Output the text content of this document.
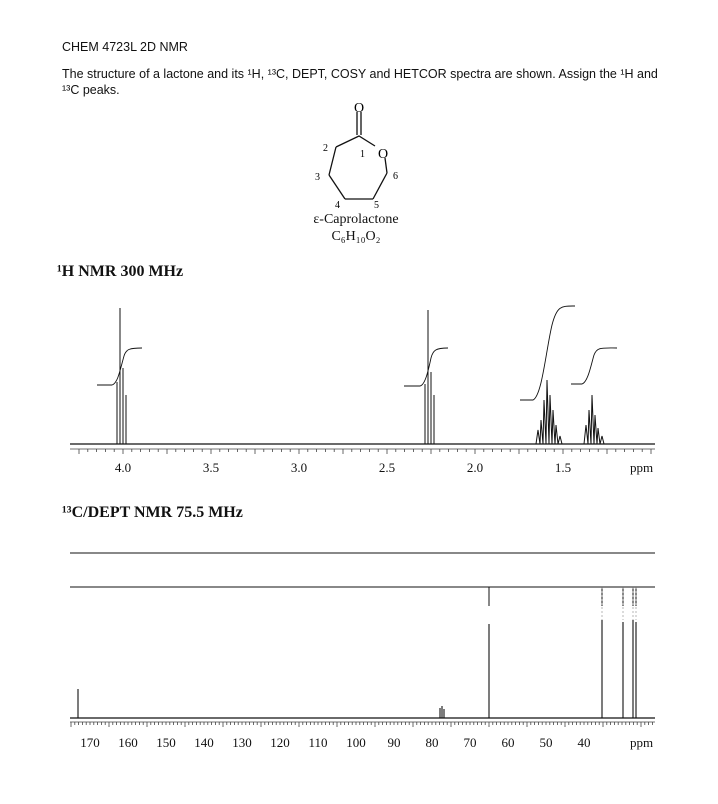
CHEM 4723L 2D NMR
The structure of a lactone and its ¹H, ¹³C, DEPT, COSY and HETCOR spectra are shown. Assign the ¹H and ¹³C peaks.
O
O
1
2
3
4	5
6
ε-Caprolactone
C₆H₁₀O₂
¹H NMR 300 MHz
¹³C/DEPT NMR 75.5 MHz
4.0	3.5	3.0	2.5	2.0	1.5
170	160	150	140	130	120	110	100	90	80	70	60	50	40
ppm
ppm
